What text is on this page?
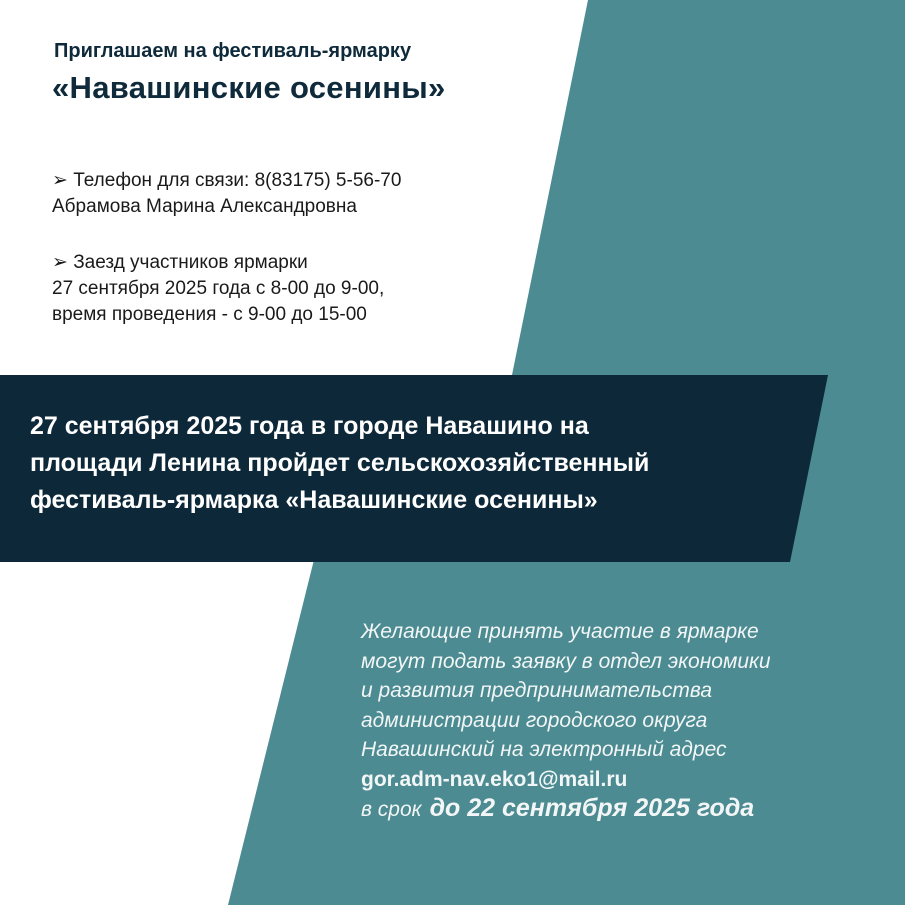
Приглашаем на фестиваль-ярмарку
«Навашинские осенины»
➢ Телефон для связи: 8(83175) 5-56-70
Абрамова Марина Александровна
➢ Заезд участников ярмарки
27 сентября 2025 года с 8-00 до 9-00,
время проведения - с 9-00 до 15-00
27 сентября 2025 года в городе Навашино на
площади Ленина пройдет сельскохозяйственный
фестиваль-ярмарка «Навашинские осенины»
Желающие принять участие в ярмарке
могут подать заявку в отдел экономики
и развития предпринимательства
администрации городского округа
Навашинский на электронный адрес
gor.adm-nav.eko1@mail.ru
в срок до 22 сентября 2025 года
